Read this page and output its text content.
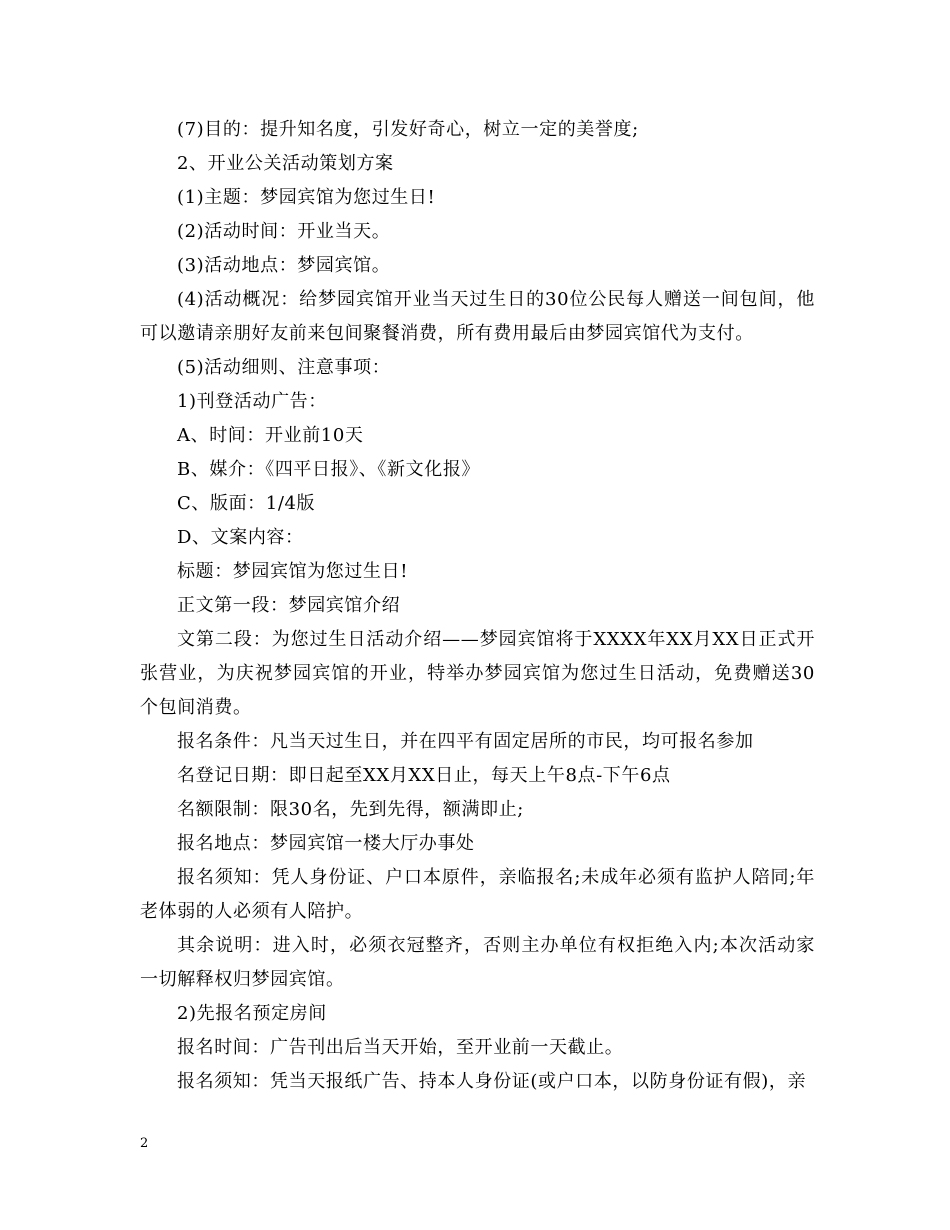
(7)目的：提升知名度，引发好奇心，树立一定的美誉度;

2、开业公关活动策划方案

(1)主题：梦园宾馆为您过生日!

(2)活动时间：开业当天。

(3)活动地点：梦园宾馆。

(4)活动概况：给梦园宾馆开业当天过生日的30位公民每人赠送一间包间，他可以邀请亲朋好友前来包间聚餐消费，所有费用最后由梦园宾馆代为支付。

(5)活动细则、注意事项：

1)刊登活动广告：

A、时间：开业前10天

B、媒介：《四平日报》、《新文化报》

C、版面：1/4版

D、文案内容：

标题：梦园宾馆为您过生日!

正文第一段：梦园宾馆介绍

文第二段：为您过生日活动介绍——梦园宾馆将于XXXX年XX月XX日正式开张营业，为庆祝梦园宾馆的开业，特举办梦园宾馆为您过生日活动，免费赠送30个包间消费。

报名条件：凡当天过生日，并在四平有固定居所的市民，均可报名参加

名登记日期：即日起至XX月XX日止，每天上午8点-下午6点

名额限制：限30名，先到先得，额满即止;

报名地点：梦园宾馆一楼大厅办事处

报名须知：凭人身份证、户口本原件，亲临报名;未成年必须有监护人陪同;年老体弱的人必须有人陪护。

其余说明：进入时，必须衣冠整齐，否则主办单位有权拒绝入内;本次活动家一切解释权归梦园宾馆。

2)先报名预定房间

报名时间：广告刊出后当天开始，至开业前一天截止。

报名须知：凭当天报纸广告、持本人身份证(或户口本，以防身份证有假)，亲

2
